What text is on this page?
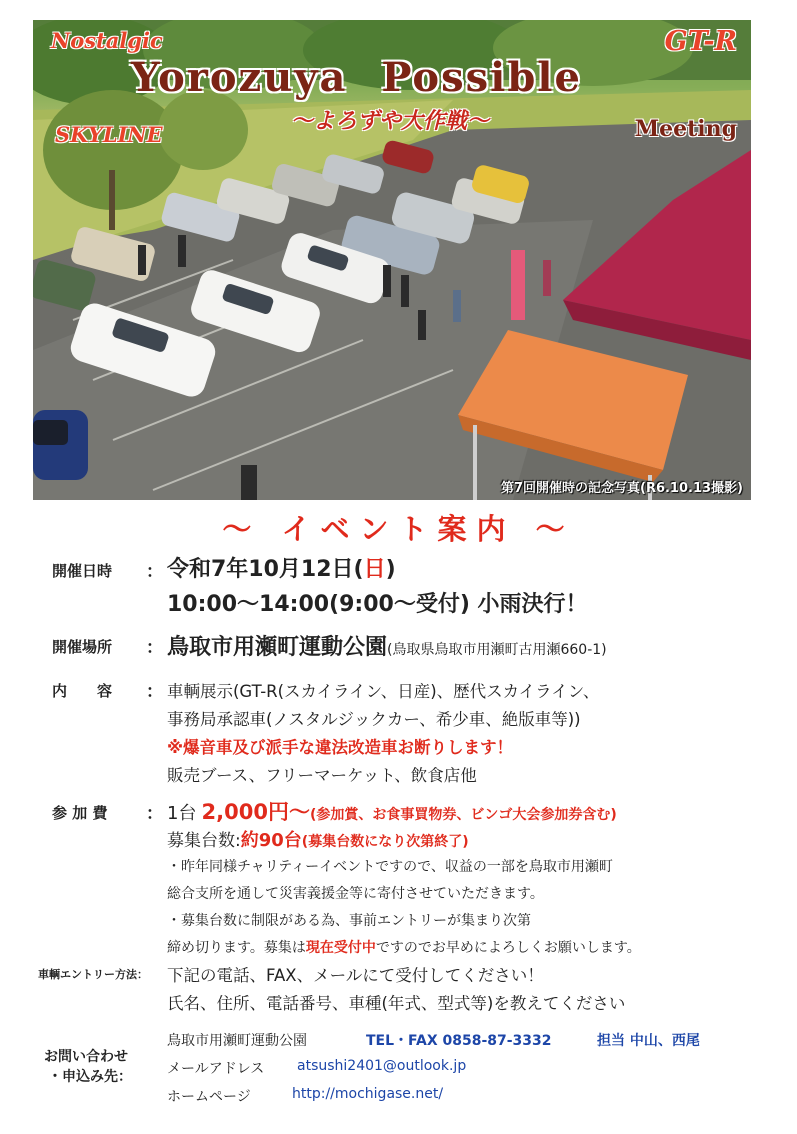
Nostalgic	GT-R
Yorozuya Possible
～よろずや大作戦～
SKYLINE	Meeting
第7回開催時の記念写真(R6.10.13撮影)
～ イベント案内 ～
開催日時 ： 令和7年10月12日(日)
10:00～14:00(9:00～受付) 小雨決行！
開催場所 ： 鳥取市用瀬町運動公園(鳥取県鳥取市用瀬町古用瀬660-1)
内　　容 ： 車輌展示(GT-R(スカイライン、日産)、歴代スカイライン、
事務局承認車(ノスタルジックカー、希少車、絶版車等))
※爆音車及び派手な違法改造車お断りします！
販売ブース、フリーマーケット、飲食店他
参 加 費 ： 1台 2,000円～(参加賞、お食事買物券、ビンゴ大会参加券含む)
募集台数:約90台(募集台数になり次第終了)
・昨年同様チャリティーイベントですので、収益の一部を鳥取市用瀬町
総合支所を通して災害義援金等に寄付させていただきます。
・募集台数に制限がある為、事前エントリーが集まり次第
締め切ります。募集は現在受付中ですのでお早めによろしくお願いします。
車輌エントリー方法： 下記の電話、FAX、メールにて受付してください！
氏名、住所、電話番号、車種(年式、型式等)を教えてください
お問い合わせ
・申込み先：
鳥取市用瀬町運動公園	TEL・FAX 0858-87-3332	担当 中山、西尾
メールアドレス atsushi2401@outlook.jp
ホームページ	http://mochigase.net/
